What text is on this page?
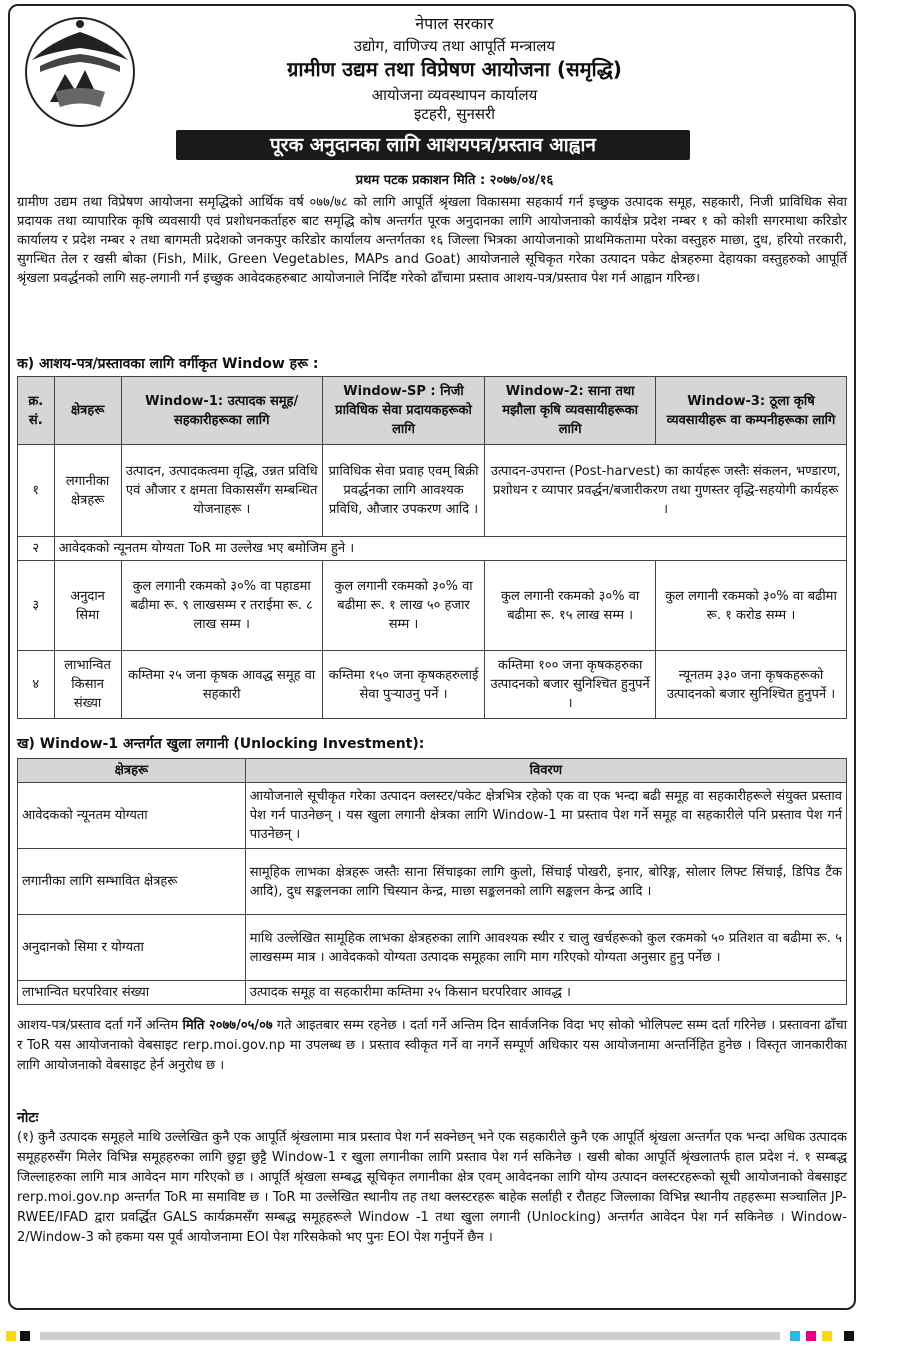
नेपाल सरकार
उद्योग, वाणिज्य तथा आपूर्ति मन्त्रालय
ग्रामीण उद्यम तथा विप्रेषण आयोजना (समृद्धि)
आयोजना व्यवस्थापन कार्यालय
इटहरी, सुनसरी
पूरक अनुदानका लागि आशयपत्र/प्रस्ताव आह्वान
प्रथम पटक प्रकाशन मिति : २०७७/०४/१६
ग्रामीण उद्यम तथा विप्रेषण आयोजना समृद्धिको आर्थिक वर्ष ०७७/७८ को लागि आपूर्ति श्रृंखला विकासमा सहकार्य गर्न इच्छुक उत्पादक समूह, सहकारी, निजी प्राविधिक सेवा प्रदायक तथा व्यापारिक कृषि व्यवसायी एवं प्रशोधनकर्ताहरु बाट समृद्धि कोष अन्तर्गत पूरक अनुदानका लागि आयोजनाको कार्यक्षेत्र प्रदेश नम्बर १ को कोशी सगरमाथा करिडोर कार्यालय र प्रदेश नम्बर २ तथा बागमती प्रदेशको जनकपुर करिडोर कार्यालय अन्तर्गतका १६ जिल्ला भित्रका आयोजनाको प्राथमिकतामा परेका वस्तुहरु माछा, दुध, हरियो तरकारी, सुगन्धित तेल र खसी बोका (Fish, Milk, Green Vegetables, MAPs and Goat) आयोजनाले सूचिकृत गरेका उत्पादन पकेट क्षेत्रहरुमा देहायका वस्तुहरुको आपूर्ति श्रृंखला प्रवर्द्धनको लागि सह-लगानी गर्न इच्छुक आवेदकहरुबाट आयोजनाले निर्दिष्ट गरेको ढाँचामा प्रस्ताव आशय-पत्र/प्रस्ताव पेश गर्न आह्वान गरिन्छ।
क) आशय-पत्र/प्रस्तावका लागि वर्गीकृत Window हरू :
क्र. सं.	क्षेत्रहरू	Window-1: उत्पादक समूह/सहकारीहरूका लागि	Window-SP : निजी प्राविधिक सेवा प्रदायकहरूको लागि	Window-2: साना तथा मझौला कृषि व्यवसायीहरूका लागि	Window-3: ठूला कृषि व्यवसायीहरू वा कम्पनीहरूका लागि
१	लगानीका क्षेत्रहरू	उत्पादन, उत्पादकत्वमा वृद्धि, उन्नत प्रविधि एवं औजार र क्षमता विकाससँग सम्बन्धित योजनाहरू ।	प्राविधिक सेवा प्रवाह एवम् बिक्री प्रवर्द्धनका लागि आवश्यक प्रविधि, औजार उपकरण आदि ।	उत्पादन-उपरान्त (Post-harvest) का कार्यहरू जस्तैः संकलन, भण्डारण, प्रशोधन र व्यापार प्रवर्द्धन/बजारीकरण तथा गुणस्तर वृद्धि-सहयोगी कार्यहरू ।	
२	आवेदकको न्यूनतम योग्यता ToR मा उल्लेख भए बमोजिम हुने ।				
३	अनुदान सिमा	कुल लगानी रकमको ३०% वा पहाडमा बढीमा रू. ९ लाखसम्म र तराईमा रू. ८ लाख सम्म ।	कुल लगानी रकमको ३०% वा बढीमा रू. १ लाख ५० हजार सम्म ।	कुल लगानी रकमको ३०% वा बढीमा रू. १५ लाख सम्म ।	कुल लगानी रकमको ३०% वा बढीमा रू. १ करोड सम्म ।
४	लाभान्वित किसान संख्या	कम्तिमा २५ जना कृषक आवद्ध समूह वा सहकारी	कम्तिमा १५० जना कृषकहरुलाई सेवा पुर्‍याउनु पर्ने ।	कम्तिमा १०० जना कृषकहरुका उत्पादनको बजार सुनिश्चित हुनुपर्ने ।	न्यूनतम ३३० जना कृषकहरूको उत्पादनको बजार सुनिश्चित हुनुपर्ने ।
ख) Window-1 अन्तर्गत खुला लगानी (Unlocking Investment):
क्षेत्रहरू	विवरण
आवेदकको न्यूनतम योग्यता	आयोजनाले सूचीकृत गरेका उत्पादन क्लस्टर/पकेट क्षेत्रभित्र रहेको एक वा एक भन्दा बढी समूह वा सहकारीहरूले संयुक्त प्रस्ताव पेश गर्न पाउनेछन् । यस खुला लगानी क्षेत्रका लागि Window-1 मा प्रस्ताव पेश गर्ने समूह वा सहकारीले पनि प्रस्ताव पेश गर्न पाउनेछन् ।
लगानीका लागि सम्भावित क्षेत्रहरू	सामूहिक लाभका क्षेत्रहरू जस्तैः साना सिंचाइका लागि कुलो, सिंचाई पोखरी, इनार, बोरिङ्ग, सोलार लिफ्ट सिंचाई, डिपिड टैंक आदि), दुध सङ्कलनका लागि चिस्यान केन्द्र, माछा सङ्कलनको लागि सङ्कलन केन्द्र आदि ।
अनुदानको सिमा र योग्यता	माथि उल्लेखित सामूहिक लाभका क्षेत्रहरुका लागि आवश्यक स्थीर र चालु खर्चहरूको कुल रकमको ५० प्रतिशत वा बढीमा रू. ५ लाखसम्म मात्र । आवेदकको योग्यता उत्पादक समूहका लागि माग गरिएको योग्यता अनुसार हुनु पर्नेछ ।
लाभान्वित घरपरिवार संख्या	उत्पादक समूह वा सहकारीमा कम्तिमा २५ किसान घरपरिवार आवद्ध ।
आशय-पत्र/प्रस्ताव दर्ता गर्ने अन्तिम मिति २०७७/०५/०७ गते आइतबार सम्म रहनेछ । दर्ता गर्ने अन्तिम दिन सार्वजनिक विदा भए सोको भोलिपल्ट सम्म दर्ता गरिनेछ । प्रस्तावना ढाँचा र ToR यस आयोजनाको वेबसाइट rerp.moi.gov.np मा उपलब्ध छ । प्रस्ताव स्वीकृत गर्ने वा नगर्ने सम्पूर्ण अधिकार यस आयोजनामा अन्तर्निहित हुनेछ । विस्तृत जानकारीका लागि आयोजनाको वेबसाइट हेर्न अनुरोध छ ।
नोटः
(१) कुनै उत्पादक समूहले माथि उल्लेखित कुनै एक आपूर्ति श्रृंखलामा मात्र प्रस्ताव पेश गर्न सक्नेछन् भने एक सहकारीले कुनै एक आपूर्ति श्रृंखला अन्तर्गत एक भन्दा अधिक उत्पादक समूहहरुसँग मिलेर विभिन्न समूहहरुका लागि छुट्टा छुट्टै Window-1 र खुला लगानीका लागि प्रस्ताव पेश गर्न सकिनेछ । खसी बोका आपूर्ति श्रृंखलातर्फ हाल प्रदेश नं. १ सम्बद्ध जिल्लाहरुका लागि मात्र आवेदन माग गरिएको छ । आपूर्ति श्रृंखला सम्बद्ध सूचिकृत लगानीका क्षेत्र एवम् आवेदनका लागि योग्य उत्पादन क्लस्टरहरूको सूची आयोजनाको वेबसाइट rerp.moi.gov.np अन्तर्गत ToR मा समाविष्ट छ । ToR मा उल्लेखित स्थानीय तह तथा क्लस्टरहरू बाहेक सर्लाही र रौतहट जिल्लाका विभिन्न स्थानीय तहहरूमा सञ्चालित JP-RWEE/IFAD द्वारा प्रवर्द्धित GALS कार्यक्रमसँग सम्बद्ध समूहहरूले Window -1 तथा खुला लगानी (Unlocking) अन्तर्गत आवेदन पेश गर्न सकिनेछ । Window-2/Window-3 को हकमा यस पूर्व आयोजनामा EOI पेश गरिसकेको भए पुनः EOI पेश गर्नुपर्ने छैन ।
